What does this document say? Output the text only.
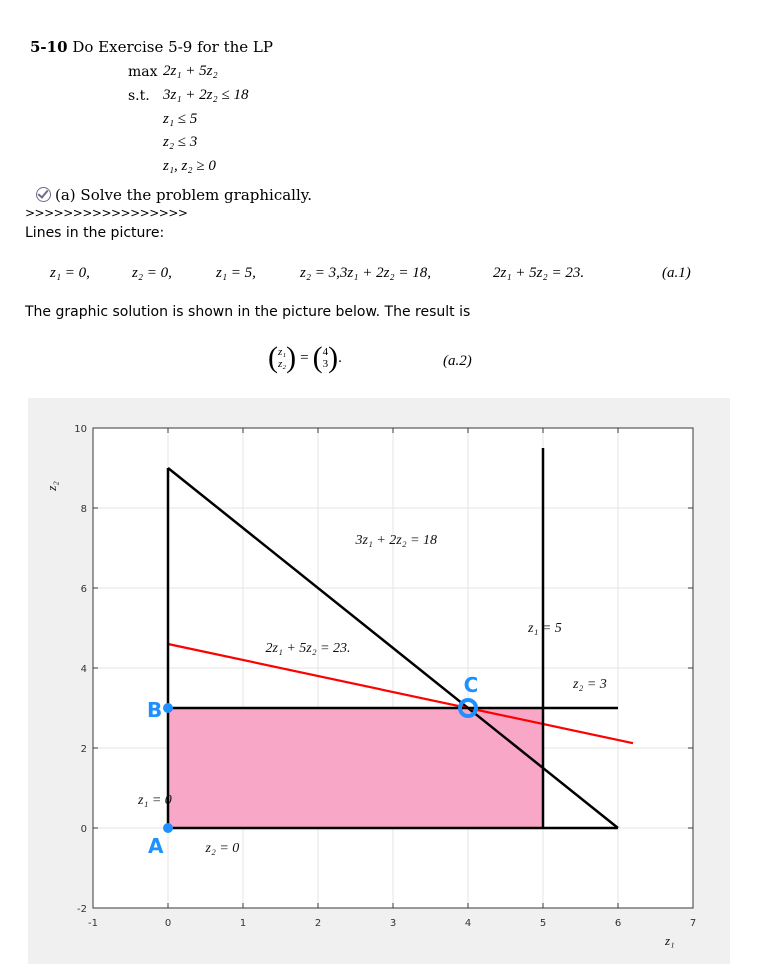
5-10 Do Exercise 5-9 for the LP
max 2z₁ + 5z₂
s.t. 3z₁ + 2z₂ ≤ 18
z₁ ≤ 5
z₂ ≤ 3
z₁, z₂ ≥ 0
(a) Solve the problem graphically.
>>>>>>>>>>>>>>>>>
Lines in the picture:
z₁ = 0,	z₂ = 0,	z₁ = 5,	z₂ = 3,3z₁ + 2z₂ = 18,	2z₁ + 5z₂ = 23.	(a.1)
The graphic solution is shown in the picture below. The result is
( z₁
z₂ ) = ( 4
3 ) .	(a.2)
-1	0	1	2	3	4	5	6	7
-2
0
2
4
6
8
10
3z₁ + 2z₂ = 18
2z₁ + 5z₂ = 23.
z₁ = 5
z₂ = 3
z₁ = 0
z₂ = 0
A
B
C
z₁
z₂
